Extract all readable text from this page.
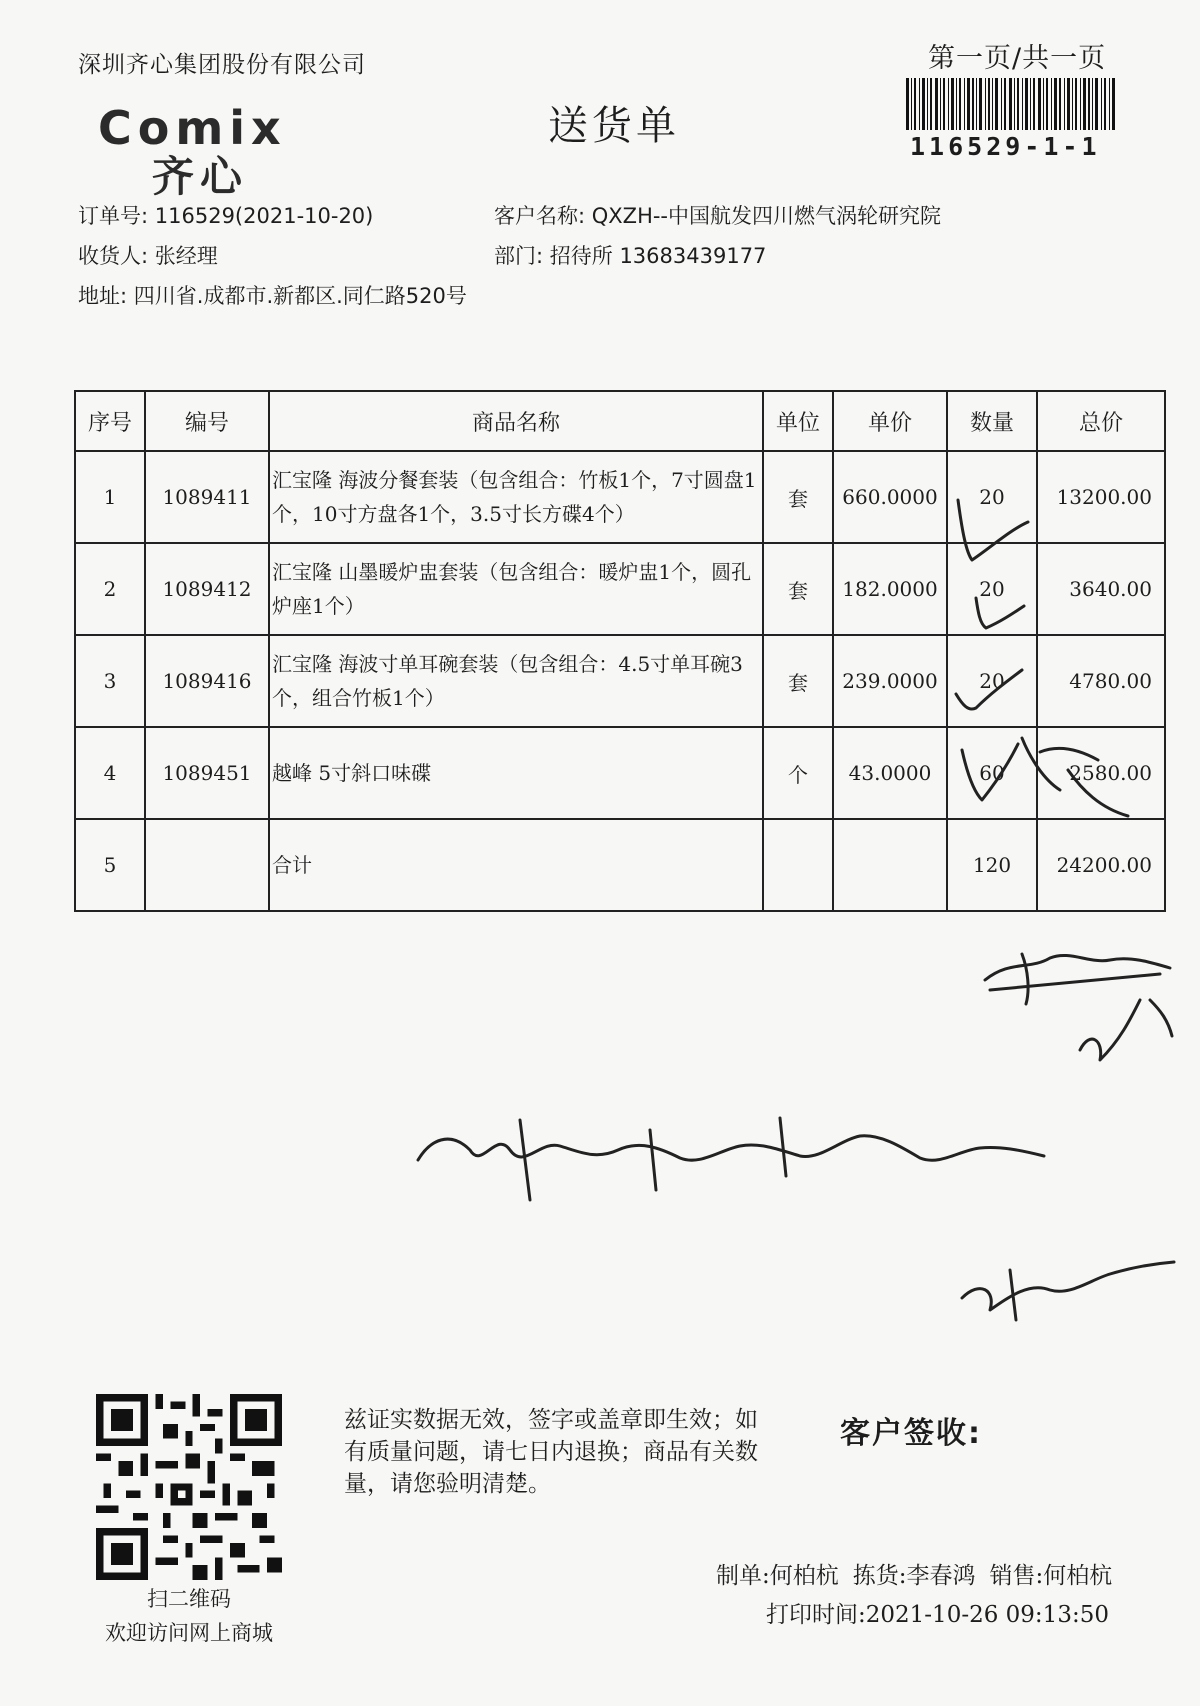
深圳齐心集团股份有限公司
送货单
第一页/共一页
116529-1-1
Comix
齐心
订单号: 116529(2021-10-20)
收货人: 张经理
地址: 四川省.成都市.新都区.同仁路520号
客户名称: QXZH--中国航发四川燃气涡轮研究院
部门: 招待所 13683439177
序号	编号	商品名称	单位	单价	数量	总价
1	1089411	汇宝隆 海波分餐套装（包含组合：竹板1个，7寸圆盘1个，10寸方盘各1个，3.5寸长方碟4个）	套	660.0000	20	13200.00
2	1089412	汇宝隆 山墨暖炉盅套装（包含组合：暖炉盅1个，圆孔炉座1个）	套	182.0000	20	3640.00
3	1089416	汇宝隆 海波寸单耳碗套装（包含组合：4.5寸单耳碗3个，组合竹板1个）	套	239.0000	20	4780.00
4	1089451	越峰 5寸斜口味碟	个	43.0000	60	2580.00
5		合计			120	24200.00
扫二维码
欢迎访问网上商城
兹证实数据无效，签字或盖章即生效；如有质量问题，请七日内退换；商品有关数量，请您验明清楚。
客户签收:
制单:何柏杭 拣货:李春鸿 销售:何柏杭
打印时间:2021-10-26 09:13:50
